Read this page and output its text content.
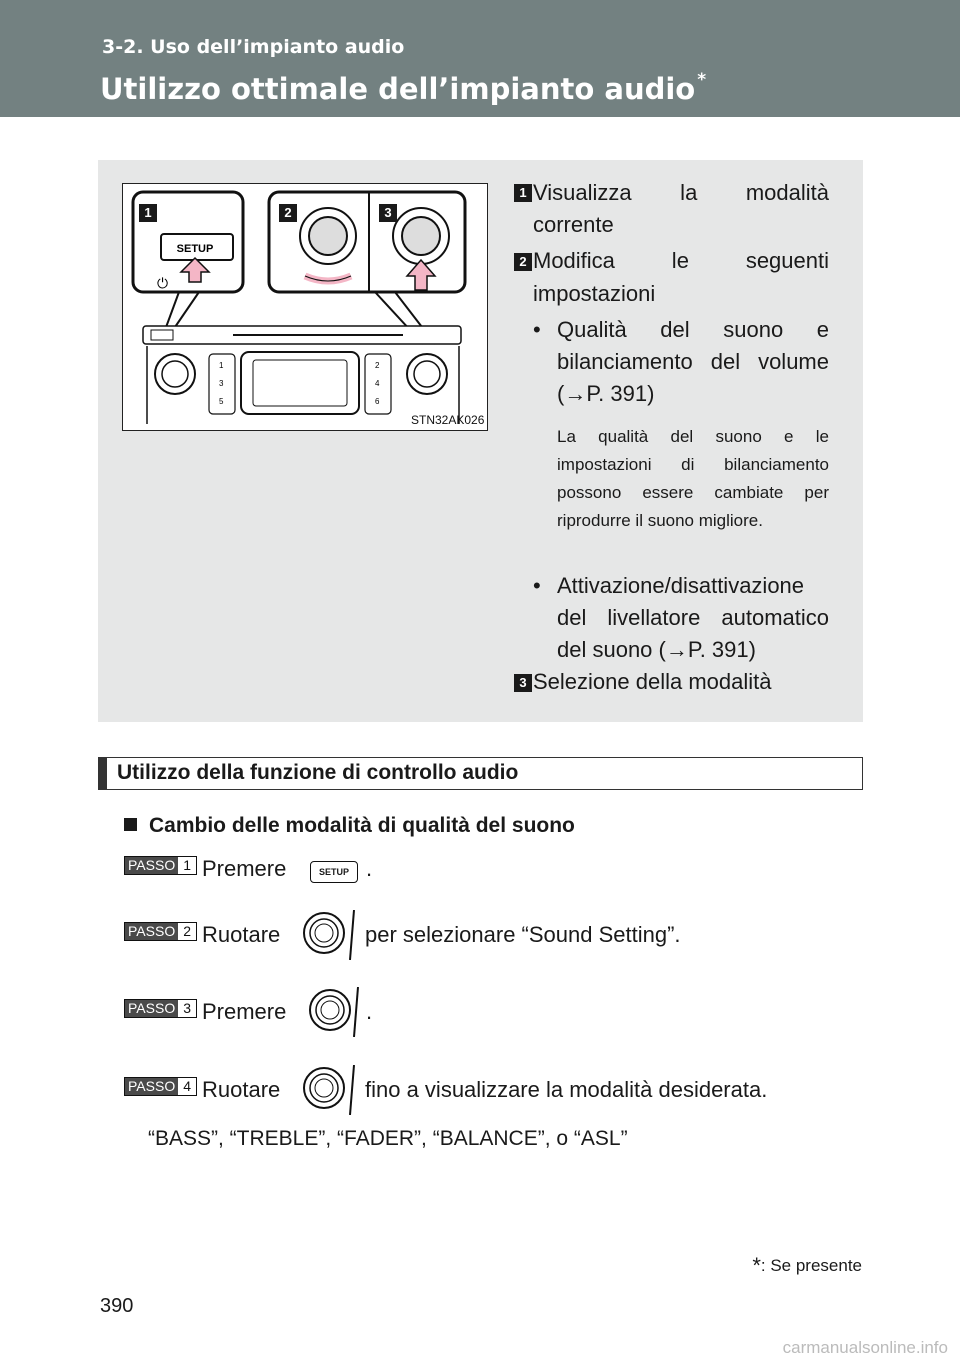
3-2. Uso dell’impianto audio
Utilizzo ottimale dell’impianto audio *
SETUP
⏻
1
3
5
2
4
6
1	2	3
STN32AK026
1 Visualizza la modalità
corrente
2 Modifica le seguenti
impostazioni
• Qualità del suono e
bilanciamento del volume
(→P. 391)
La qualità del suono e le impostazioni di bilanciamento possono essere cambiate per riprodurre il suono migliore.
• Attivazione/disattivazione
del livellatore automatico
del suono (→P. 391)
3 Selezione della modalità
Utilizzo della funzione di controllo audio
Cambio delle modalità di qualità del suono
PASSO 1 Premere	SETUP .
PASSO 2 Ruotare	per selezionare “Sound Setting”.
PASSO 3 Premere	.
PASSO 4 Ruotare	fino a visualizzare la modalità desiderata.
“BASS”, “TREBLE”, “FADER”, “BALANCE”, o “ASL”
*: Se presente
390
carmanualsonline.info
